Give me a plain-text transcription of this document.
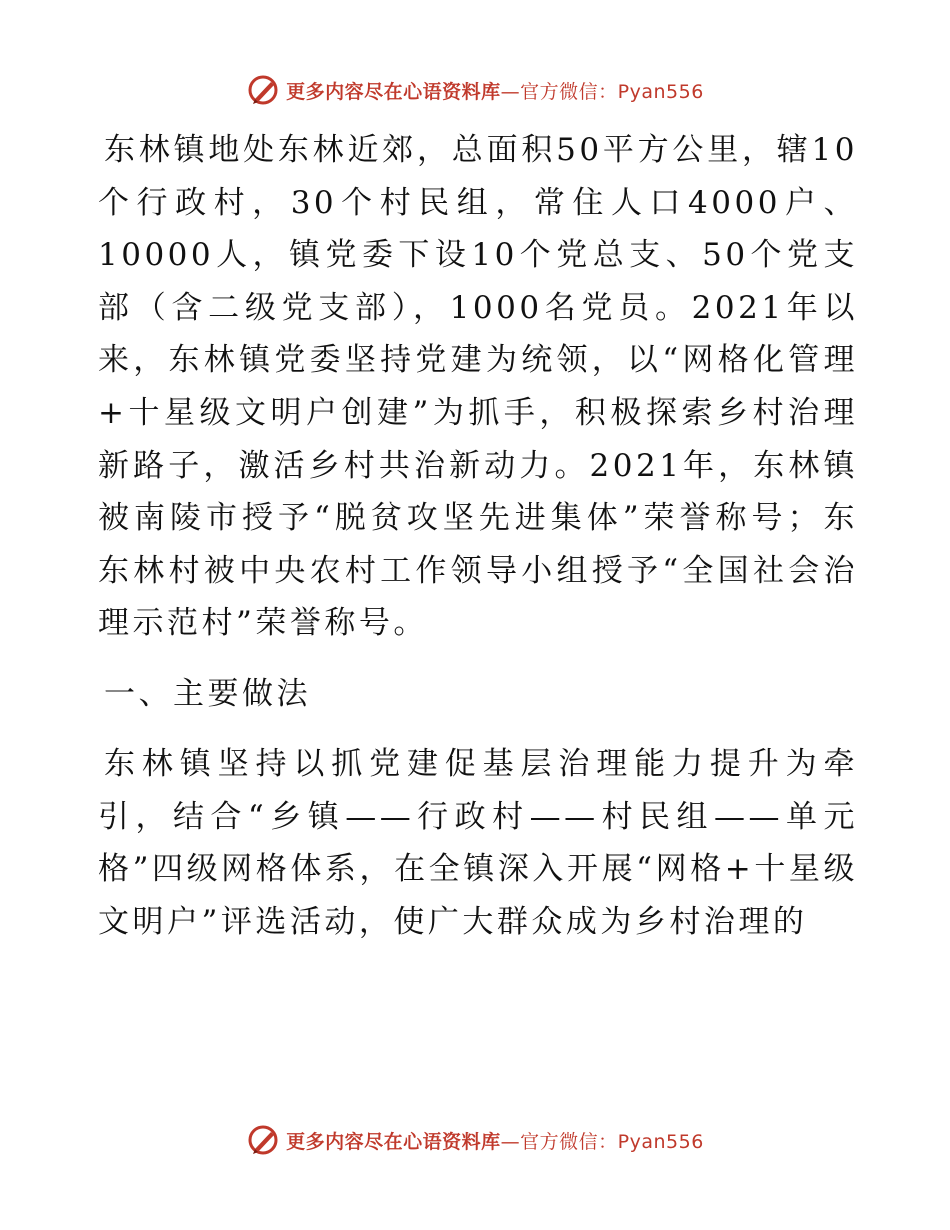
更多内容尽在心语资料库—官方微信：Pyan556

东林镇地处东林近郊，总面积50平方公里，辖10个行政村，30个村民组，常住人口4000户、10000人，镇党委下设10个党总支、50个党支部（含二级党支部），1000名党员。2021年以来，东林镇党委坚持党建为统领，以“网格化管理+十星级文明户创建”为抓手，积极探索乡村治理新路子，激活乡村共治新动力。2021年，东林镇被南陵市授予“脱贫攻坚先进集体”荣誉称号；东东林村被中央农村工作领导小组授予“全国社会治理示范村”荣誉称号。

一、主要做法

东林镇坚持以抓党建促基层治理能力提升为牵引，结合“乡镇——行政村——村民组——单元格”四级网格体系，在全镇深入开展“网格+十星级文明户”评选活动，使广大群众成为乡村治理的

更多内容尽在心语资料库—官方微信：Pyan556
